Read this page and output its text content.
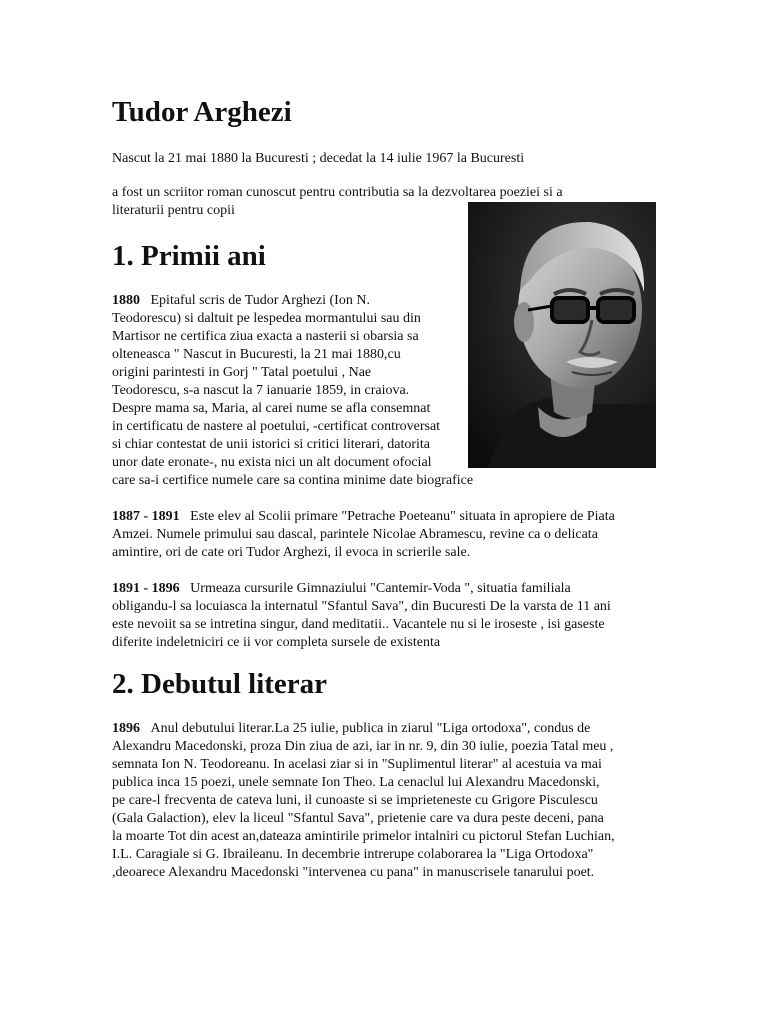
Tudor Arghezi

Nascut la 21 mai 1880 la Bucuresti ; decedat la 14 iulie 1967 la Bucuresti

a fost un scriitor roman cunoscut pentru contributia sa la dezvoltarea poeziei si a

literaturii pentru copii

1. Primii ani

1880 Epitaful scris de Tudor Arghezi (Ion N.

Teodorescu) si daltuit pe lespedea mormantului sau din

Martisor ne certifica ziua exacta a nasterii si obarsia sa

olteneasca " Nascut in Bucuresti, la 21 mai 1880,cu

origini parintesti in Gorj " Tatal poetului , Nae

Teodorescu, s-a nascut la 7 ianuarie 1859, in craiova.

Despre mama sa, Maria, al carei nume se afla consemnat

in certificatu de nastere al poetului, -certificat controversat

si chiar contestat de unii istorici si critici literari, datorita

unor date eronate-, nu exista nici un alt document ofocial

care sa-i certifice numele care sa contina minime date biografice

1887 - 1891 Este elev al Scolii primare "Petrache Poeteanu" situata in apropiere de Piata

Amzei. Numele primului sau dascal, parintele Nicolae Abramescu, revine ca o delicata

amintire, ori de cate ori Tudor Arghezi, il evoca in scrierile sale.

1891 - 1896 Urmeaza cursurile Gimnaziului "Cantemir-Voda ", situatia familiala

obligandu-l sa locuiasca la internatul "Sfantul Sava", din Bucuresti De la varsta de 11 ani

este nevoiit sa se intretina singur, dand meditatii.. Vacantele nu si le iroseste , isi gaseste

diferite indeletniciri ce ii vor completa sursele de existenta

2. Debutul literar

1896 Anul debutului literar.La 25 iulie, publica in ziarul "Liga ortodoxa", condus de

Alexandru Macedonski, proza Din ziua de azi, iar in nr. 9, din 30 iulie, poezia Tatal meu ,

semnata Ion N. Teodoreanu. In acelasi ziar si in "Suplimentul literar" al acestuia va mai

publica inca 15 poezi, unele semnate Ion Theo. La cenaclul lui Alexandru Macedonski,

pe care-l frecventa de cateva luni, il cunoaste si se imprieteneste cu Grigore Pisculescu

(Gala Galaction), elev la liceul "Sfantul Sava", prietenie care va dura peste deceni, pana

la moarte Tot din acest an,dateaza amintirile primelor intalniri cu pictorul Stefan Luchian,

I.L. Caragiale si G. Ibraileanu. In decembrie intrerupe colaborarea la "Liga Ortodoxa"

,deoarece Alexandru Macedonski "intervenea cu pana" in manuscrisele tanarului poet.
